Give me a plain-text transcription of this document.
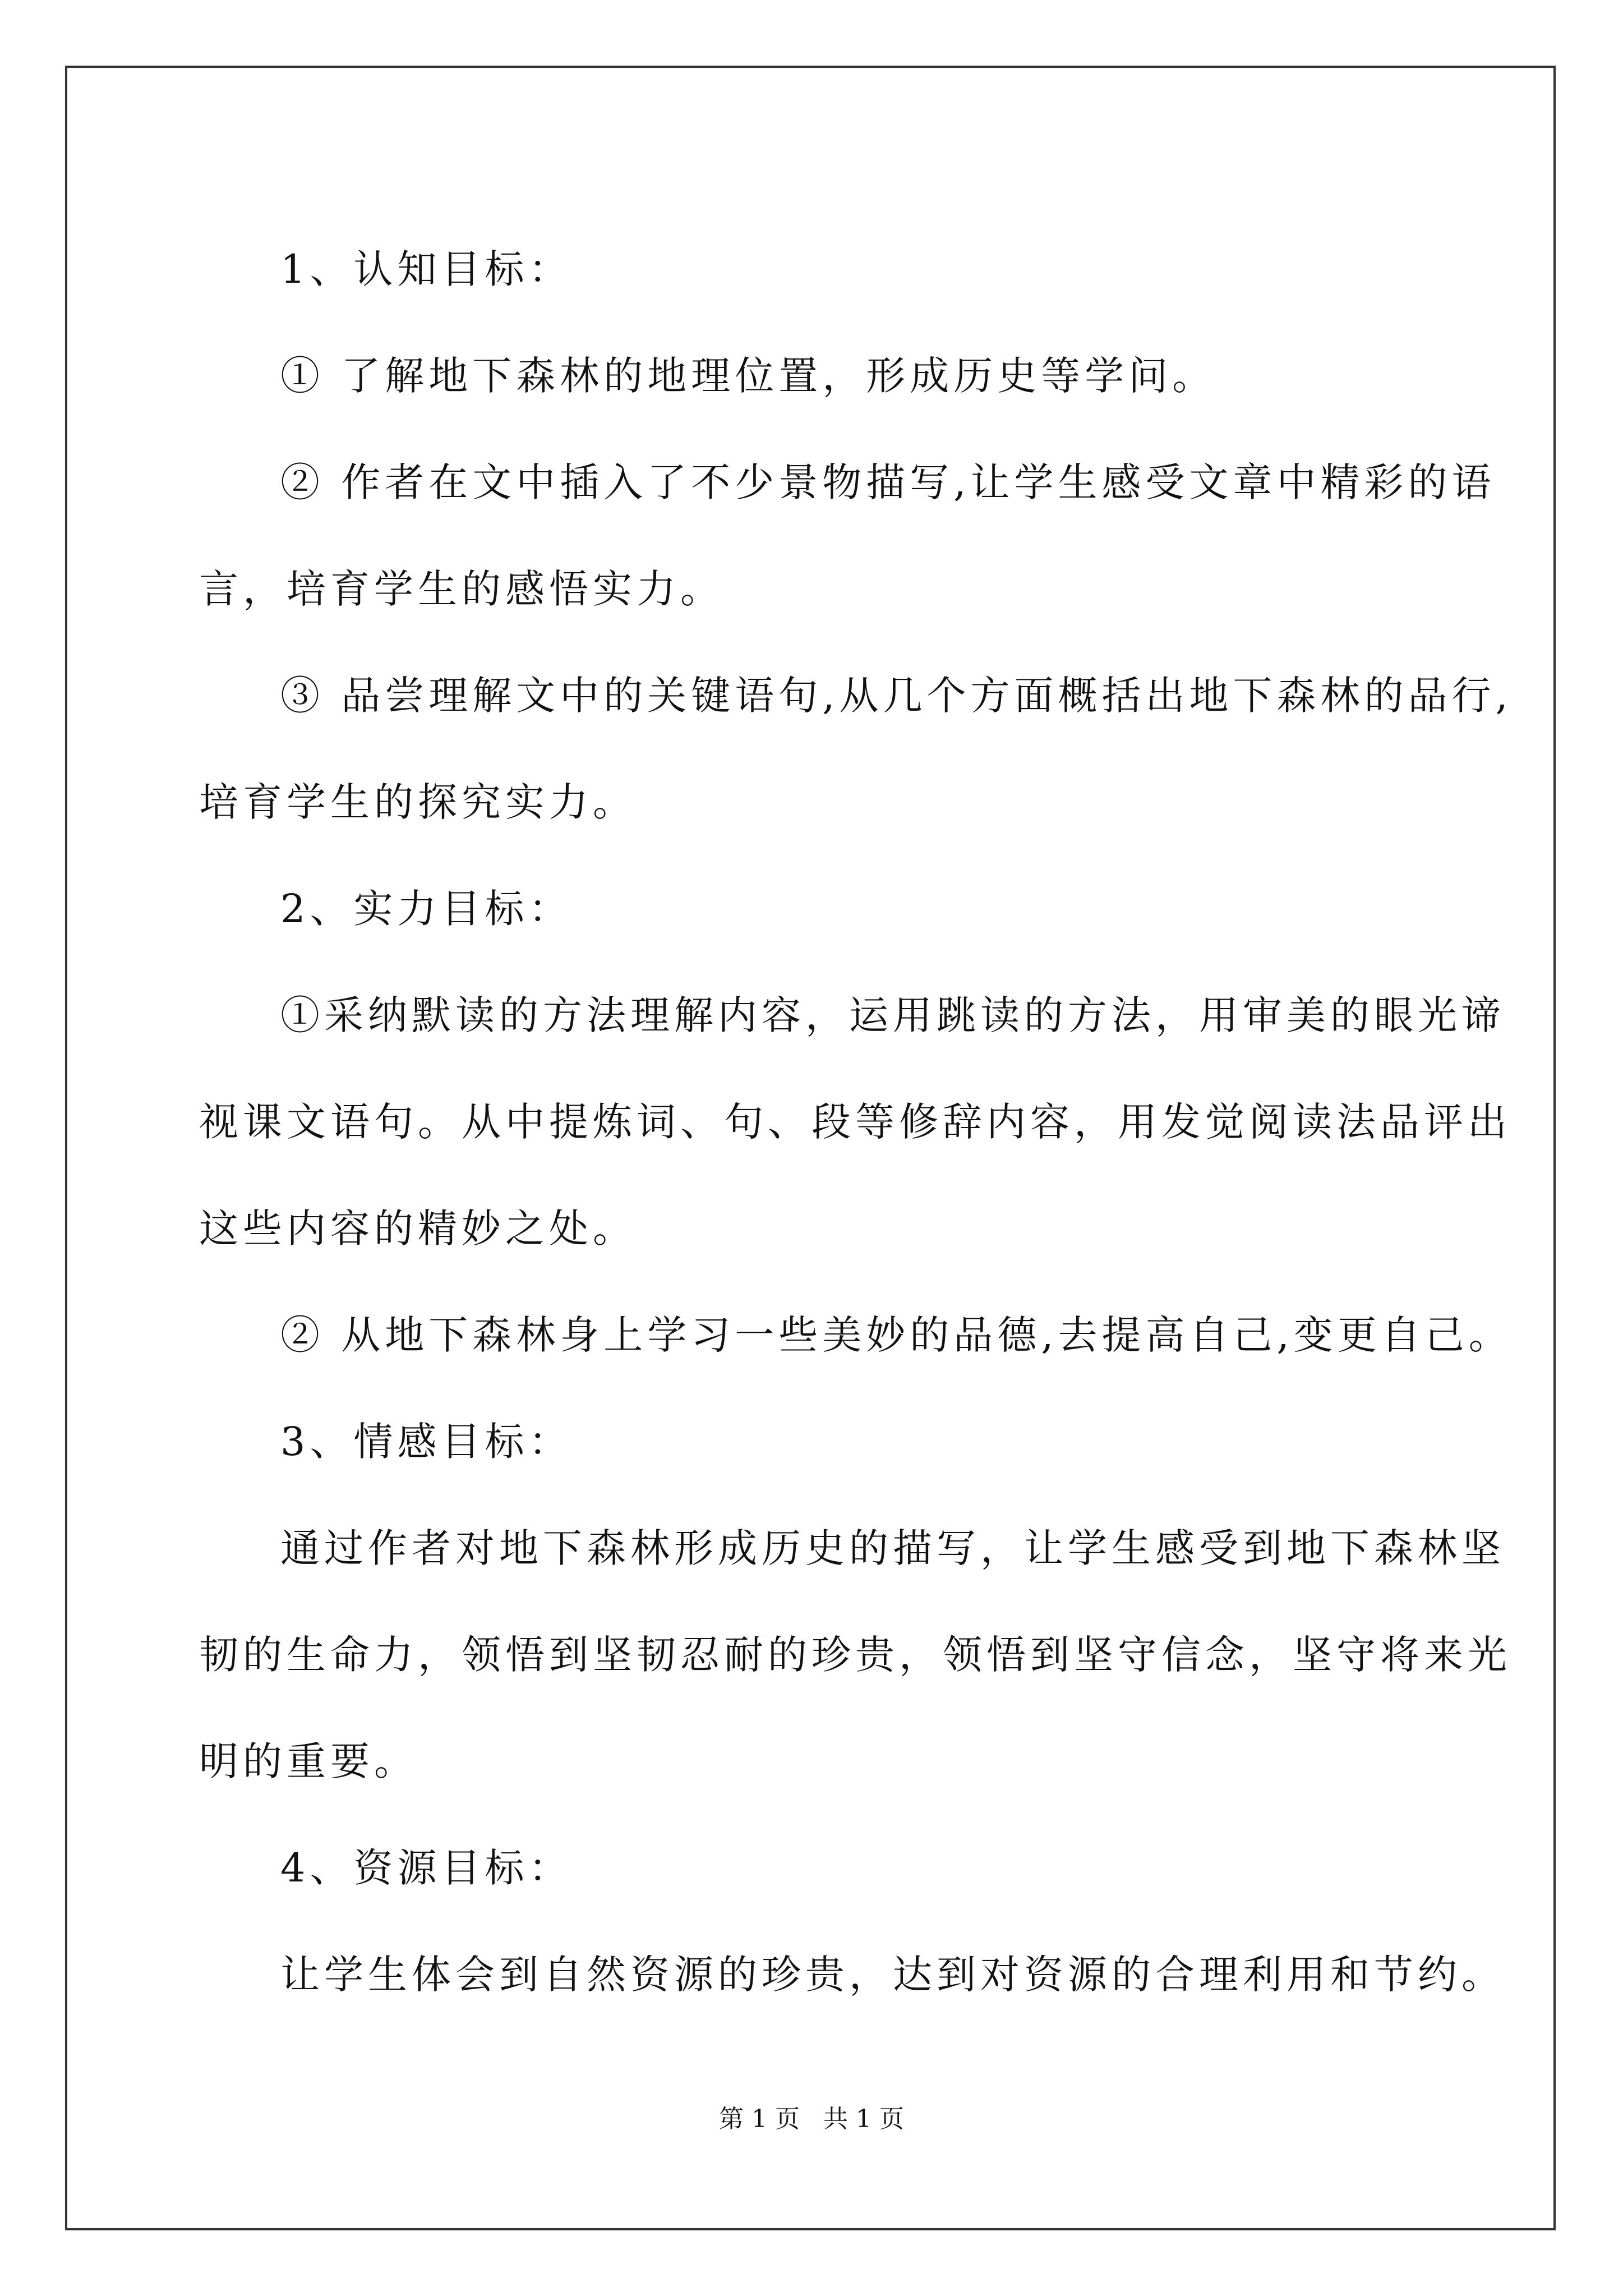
1、认知目标：

① 了解地下森林的地理位置，形成历史等学问。

② 作者在文中插入了不少景物描写,让学生感受文章中精彩的语

言，培育学生的感悟实力。

③ 品尝理解文中的关键语句,从几个方面概括出地下森林的品行,

培育学生的探究实力。

2、实力目标：

①采纳默读的方法理解内容，运用跳读的方法，用审美的眼光谛

视课文语句。从中提炼词、句、段等修辞内容，用发觉阅读法品评出

这些内容的精妙之处。

② 从地下森林身上学习一些美妙的品德,去提高自己,变更自己。

3、情感目标：

通过作者对地下森林形成历史的描写，让学生感受到地下森林坚

韧的生命力，领悟到坚韧忍耐的珍贵，领悟到坚守信念，坚守将来光

明的重要。

4、资源目标：

让学生体会到自然资源的珍贵，达到对资源的合理利用和节约。

第 1 页   共 1 页
